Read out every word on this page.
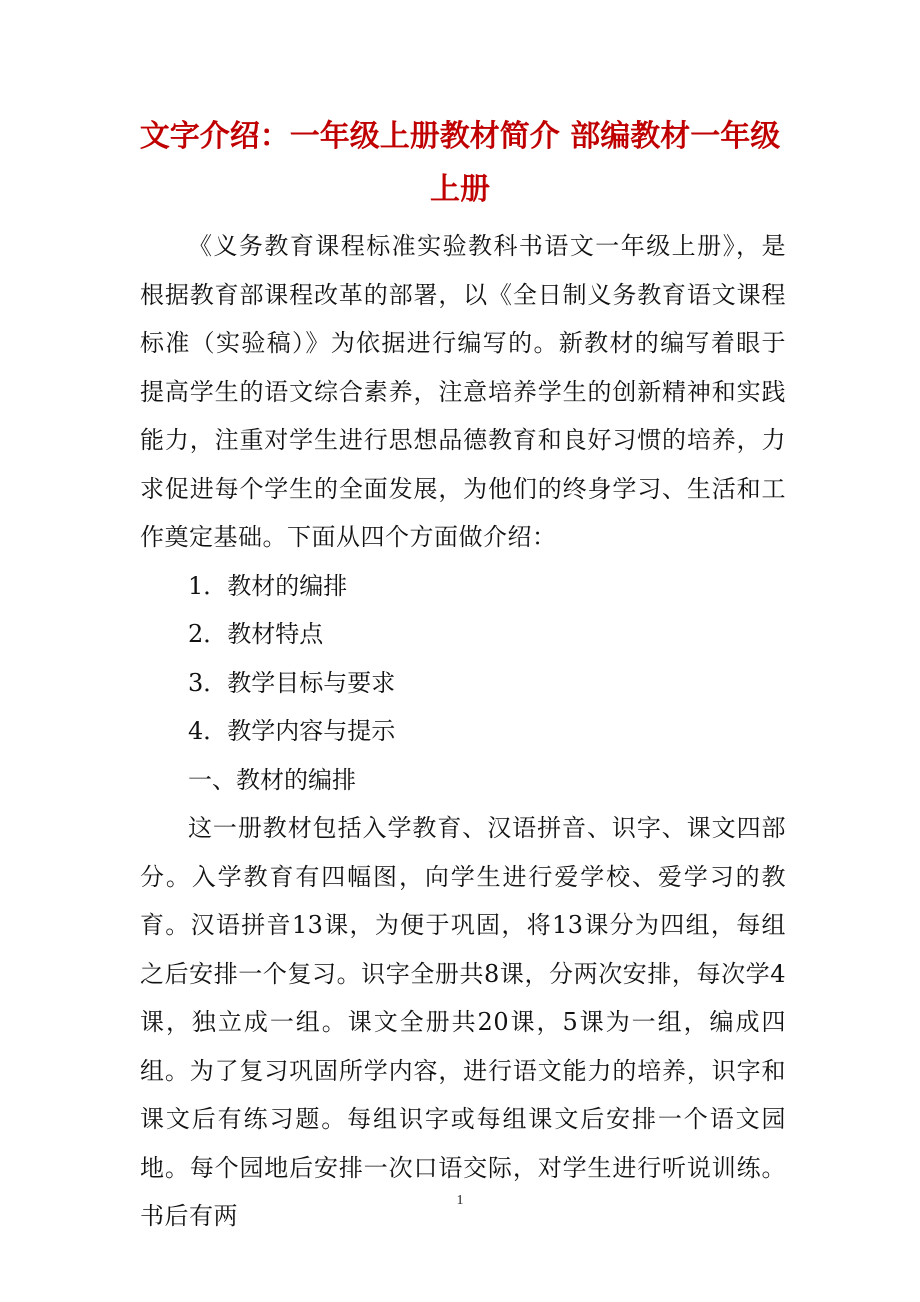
文字介绍：一年级上册教材简介 部编教材一年级上册

《义务教育课程标准实验教科书语文一年级上册》，是根据教育部课程改革的部署，以《全日制义务教育语文课程标准（实验稿）》为依据进行编写的。新教材的编写着眼于提高学生的语文综合素养，注意培养学生的创新精神和实践能力，注重对学生进行思想品德教育和良好习惯的培养，力求促进每个学生的全面发展，为他们的终身学习、生活和工作奠定基础。下面从四个方面做介绍：

1．教材的编排

2．教材特点

3．教学目标与要求

4．教学内容与提示

一、教材的编排

这一册教材包括入学教育、汉语拼音、识字、课文四部分。入学教育有四幅图，向学生进行爱学校、爱学习的教育。汉语拼音13课，为便于巩固，将13课分为四组，每组之后安排一个复习。识字全册共8课，分两次安排，每次学4课，独立成一组。课文全册共20课，5课为一组，编成四组。为了复习巩固所学内容，进行语文能力的培养，识字和课文后有练习题。每组识字或每组课文后安排一个语文园地。每个园地后安排一次口语交际，对学生进行听说训练。书后有两

1
